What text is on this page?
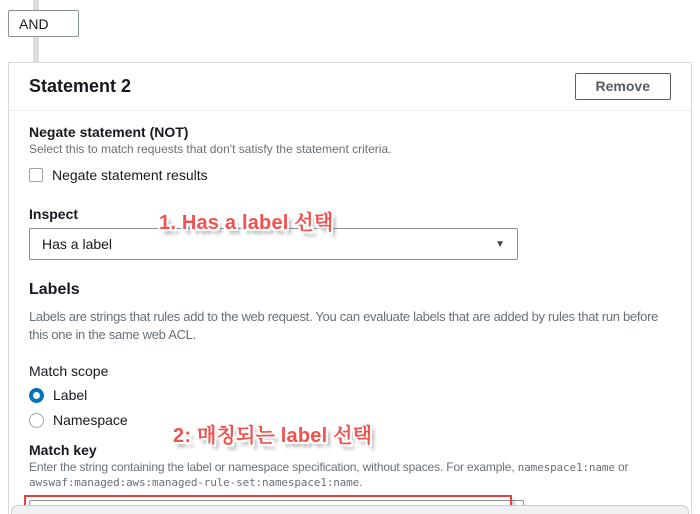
AND
Statement 2	Remove
Negate statement (NOT)
Select this to match requests that don't satisfy the statement criteria.
Negate statement results
Inspect
Has a label	▼
Labels
Labels are strings that rules add to the web request. You can evaluate labels that are added by rules that run before this one in the same web ACL.
Match scope
Label
Namespace
Match key
Enter the string containing the label or namespace specification, without spaces. For example, namespace1:name or awswaf:managed:aws:managed-rule-set:namespace1:name.
awswaf:managed:aws:core-rule-set:CrossSiteScripting_QueryArguments
1. Has a label 선택
2: 매칭되는 label 선택
